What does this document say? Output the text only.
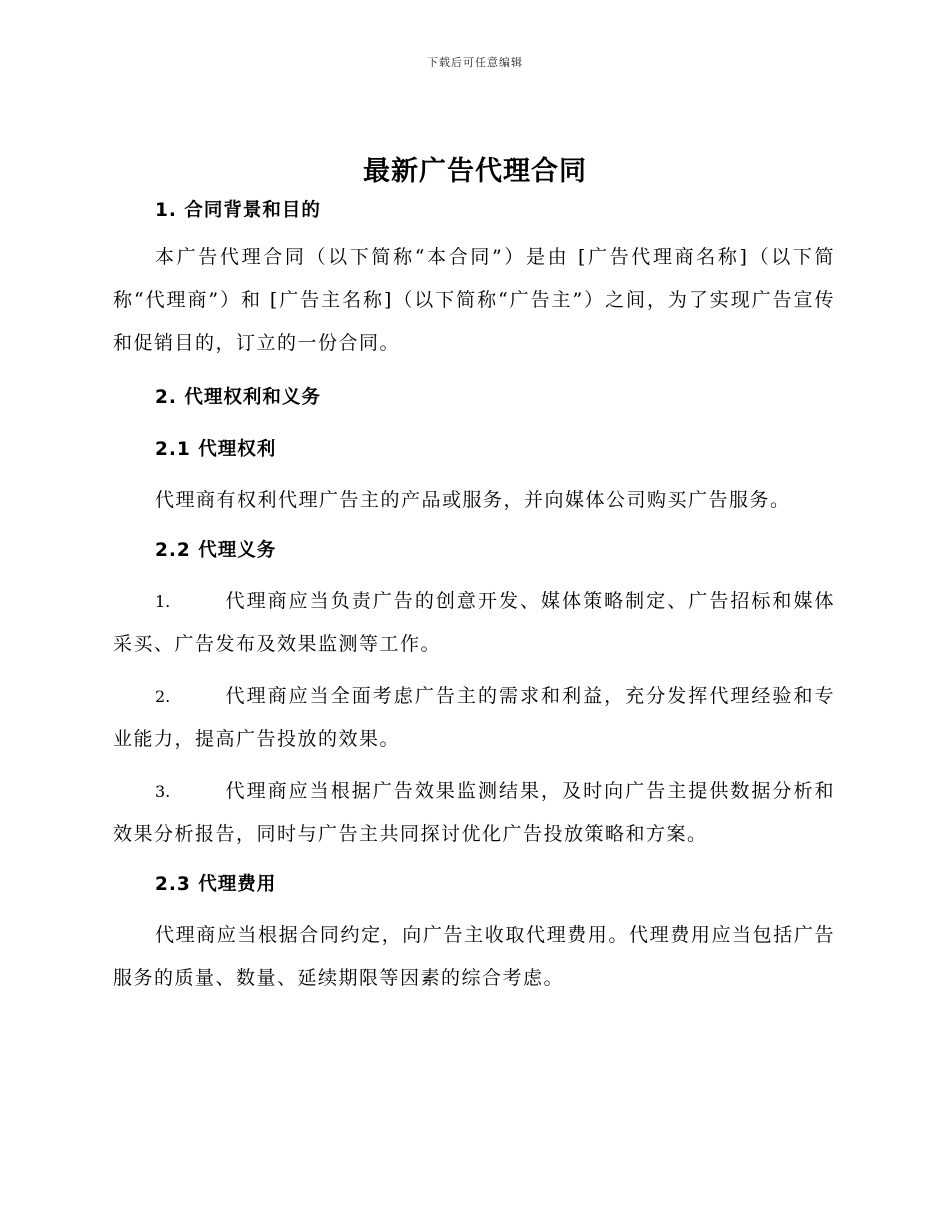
下载后可任意编辑
最新广告代理合同
1. 合同背景和目的
本广告代理合同（以下简称“本合同”）是由 [广告代理商名称]（以下简称“代理商”）和 [广告主名称]（以下简称“广告主”）之间，为了实现广告宣传和促销目的，订立的一份合同。
2. 代理权利和义务
2.1 代理权利
代理商有权利代理广告主的产品或服务，并向媒体公司购买广告服务。
2.2 代理义务
1.	代理商应当负责广告的创意开发、媒体策略制定、广告招标和媒体采买、广告发布及效果监测等工作。
2.	代理商应当全面考虑广告主的需求和利益，充分发挥代理经验和专业能力，提高广告投放的效果。
3.	代理商应当根据广告效果监测结果，及时向广告主提供数据分析和效果分析报告，同时与广告主共同探讨优化广告投放策略和方案。
2.3 代理费用
代理商应当根据合同约定，向广告主收取代理费用。代理费用应当包括广告服务的质量、数量、延续期限等因素的综合考虑。
